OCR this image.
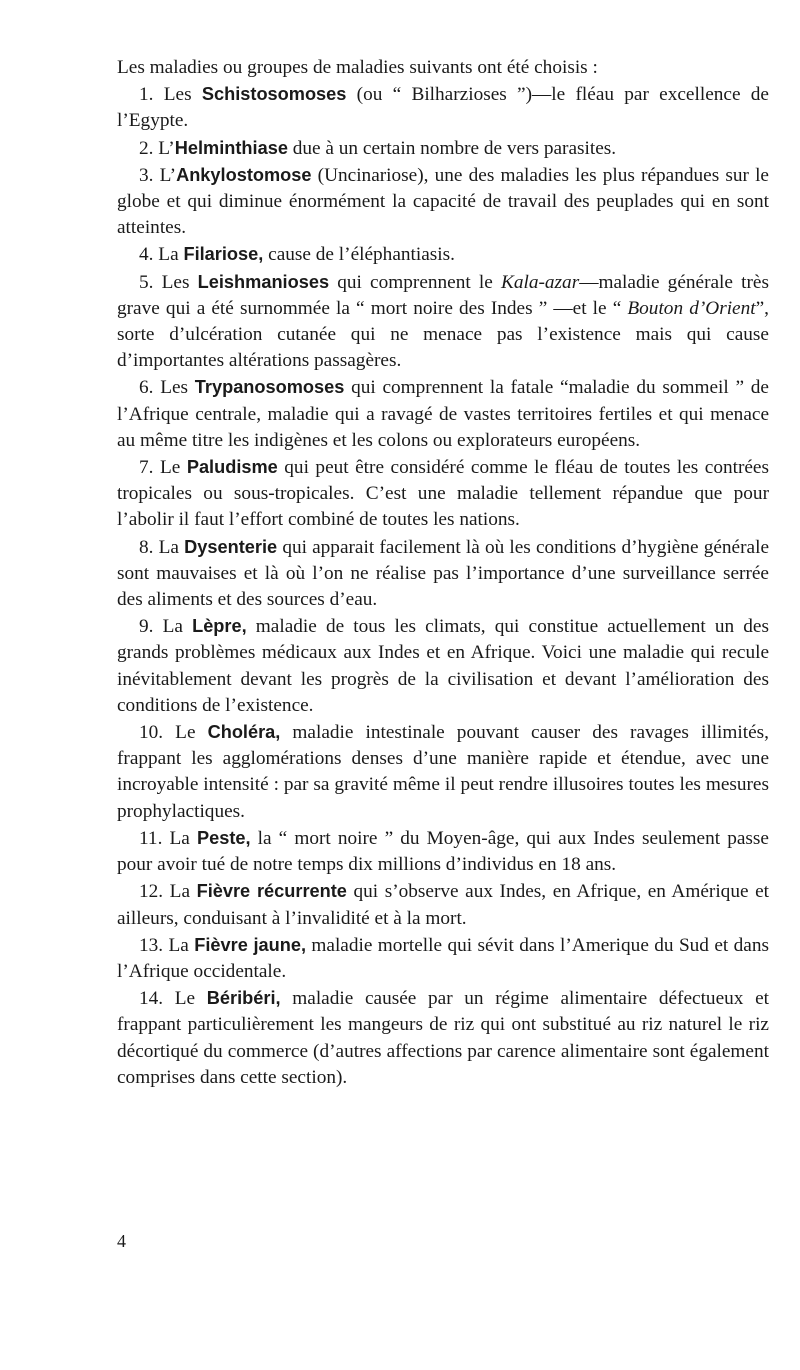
Les maladies ou groupes de maladies suivants ont été choisis :

1. Les Schistosomoses (ou “ Bilharzioses ”)—le fléau par excellence de l’Egypte.

2. L’Helminthiase due à un certain nombre de vers parasites.

3. L’Ankylostomose (Uncinariose), une des maladies les plus répandues sur le globe et qui diminue énormément la capacité de travail des peuplades qui en sont atteintes.

4. La Filariose, cause de l’éléphantiasis.

5. Les Leishmanioses qui comprennent le Kala-azar—maladie générale très grave qui a été surnommée la “ mort noire des Indes ” —et le “ Bouton d’Orient”, sorte d’ulcération cutanée qui ne menace pas l’existence mais qui cause d’importantes altérations passagères.

6. Les Trypanosomoses qui comprennent la fatale “maladie du sommeil ” de l’Afrique centrale, maladie qui a ravagé de vastes territoires fertiles et qui menace au même titre les indigènes et les colons ou explorateurs européens.

7. Le Paludisme qui peut être considéré comme le fléau de toutes les contrées tropicales ou sous-tropicales. C’est une maladie tellement répandue que pour l’abolir il faut l’effort combiné de toutes les nations.

8. La Dysenterie qui apparait facilement là où les conditions d’hygiène générale sont mauvaises et là où l’on ne réalise pas l’importance d’une surveillance serrée des aliments et des sources d’eau.

9. La Lèpre, maladie de tous les climats, qui constitue actuellement un des grands problèmes médicaux aux Indes et en Afrique. Voici une maladie qui recule inévitablement devant les progrès de la civilisation et devant l’amélioration des conditions de l’existence.

10. Le Choléra, maladie intestinale pouvant causer des ravages illimités, frappant les agglomérations denses d’une manière rapide et étendue, avec une incroyable intensité : par sa gravité même il peut rendre illusoires toutes les mesures prophylactiques.

11. La Peste, la “ mort noire ” du Moyen-âge, qui aux Indes seulement passe pour avoir tué de notre temps dix millions d’individus en 18 ans.

12. La Fièvre récurrente qui s’observe aux Indes, en Afrique, en Amérique et ailleurs, conduisant à l’invalidité et à la mort.

13. La Fièvre jaune, maladie mortelle qui sévit dans l’Amerique du Sud et dans l’Afrique occidentale.

14. Le Béribéri, maladie causée par un régime alimentaire défectueux et frappant particulièrement les mangeurs de riz qui ont substitué au riz naturel le riz décortiqué du commerce (d’autres affections par carence alimentaire sont également comprises dans cette section).

4
